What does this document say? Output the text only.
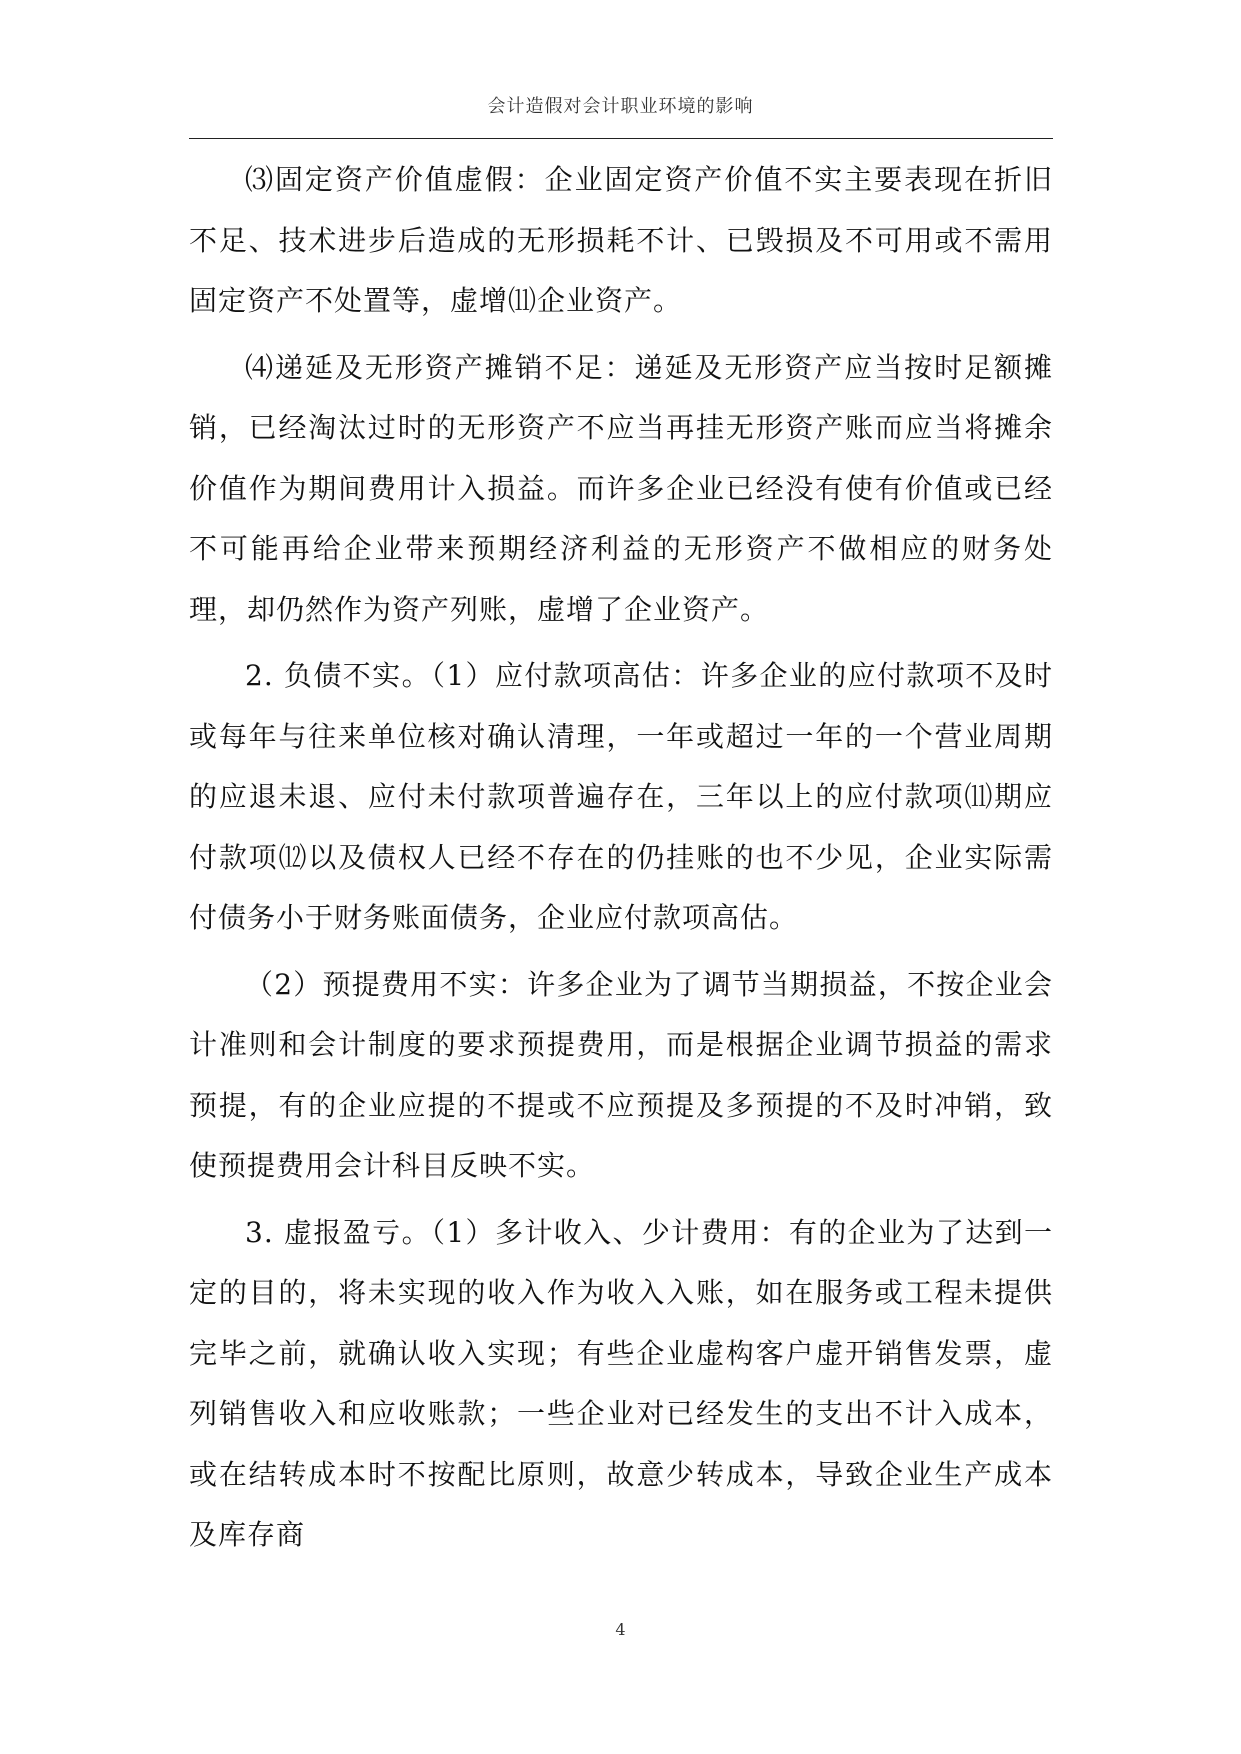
会计造假对会计职业环境的影响

⑶固定资产价值虚假：企业固定资产价值不实主要表现在折旧不足、技术进步后造成的无形损耗不计、已毁损及不可用或不需用固定资产不处置等，虚增⑾企业资产。

⑷递延及无形资产摊销不足：递延及无形资产应当按时足额摊销，已经淘汰过时的无形资产不应当再挂无形资产账而应当将摊余价值作为期间费用计入损益。而许多企业已经没有使有价值或已经不可能再给企业带来预期经济利益的无形资产不做相应的财务处理，却仍然作为资产列账，虚增了企业资产。

2. 负债不实。（1）应付款项高估：许多企业的应付款项不及时或每年与往来单位核对确认清理，一年或超过一年的一个营业周期的应退未退、应付未付款项普遍存在，三年以上的应付款项⑾期应付款项⑿以及债权人已经不存在的仍挂账的也不少见，企业实际需付债务小于财务账面债务，企业应付款项高估。

（2）预提费用不实：许多企业为了调节当期损益，不按企业会计准则和会计制度的要求预提费用，而是根据企业调节损益的需求预提，有的企业应提的不提或不应预提及多预提的不及时冲销，致使预提费用会计科目反映不实。

3. 虚报盈亏。（1）多计收入、少计费用：有的企业为了达到一定的目的，将未实现的收入作为收入入账，如在服务或工程未提供完毕之前，就确认收入实现；有些企业虚构客户虚开销售发票，虚列销售收入和应收账款；一些企业对已经发生的支出不计入成本，或在结转成本时不按配比原则，故意少转成本，导致企业生产成本及库存商

4
